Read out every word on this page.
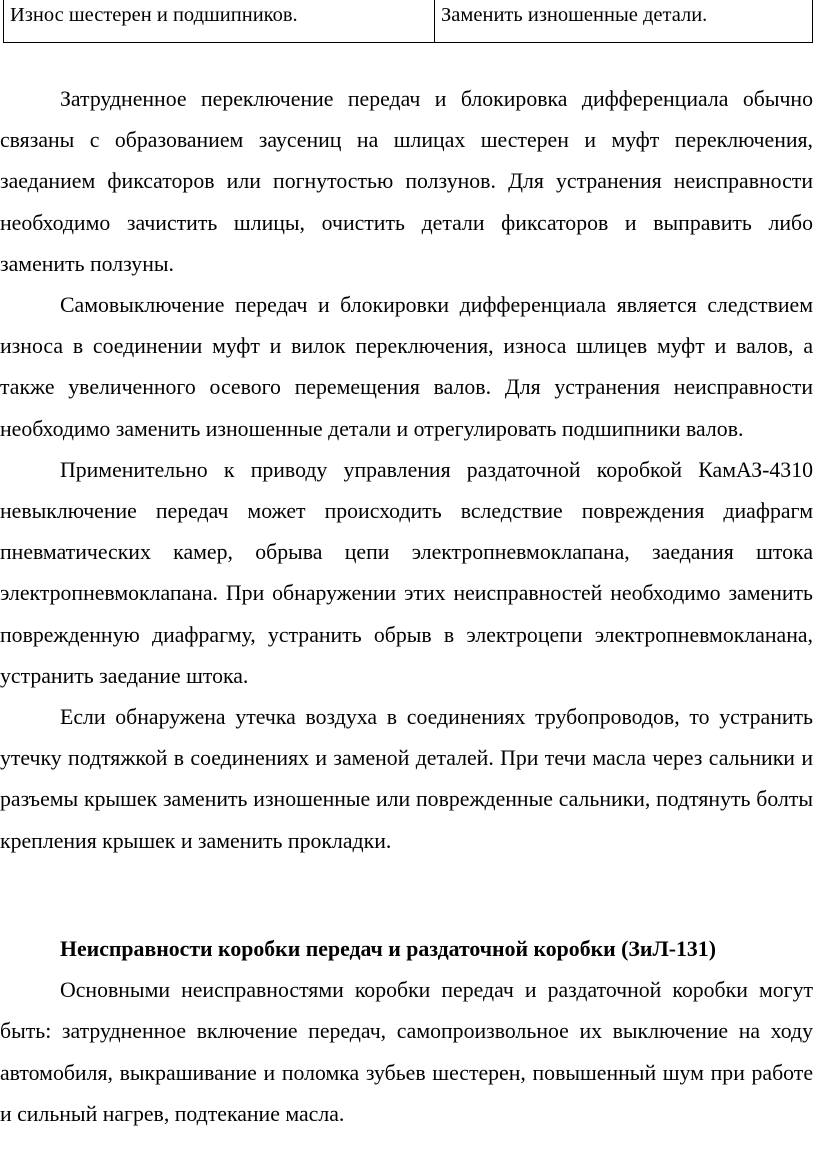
Износ шестерен и подшипников.	Заменить изношенные детали.

Затрудненное переключение передач и блокировка дифференциала обычно связаны с образованием заусениц на шлицах шестерен и муфт переключения, заеданием фиксаторов или погнутостью ползунов. Для устранения неисправности необходимо зачистить шлицы, очистить детали фиксаторов и выправить либо заменить ползуны.

Самовыключение передач и блокировки дифференциала является следствием износа в соединении муфт и вилок переключения, износа шлицев муфт и валов, а также увеличенного осевого перемещения валов. Для устранения неисправности необходимо заменить изношенные детали и отрегулировать подшипники валов.

Применительно к приводу управления раздаточной коробкой КамАЗ-4310 невыключение передач может происходить вследствие повреждения диафрагм пневматических камер, обрыва цепи электропневмоклапана, заедания штока электропневмоклапана. При обнаружении этих неисправностей необходимо заменить поврежденную диафрагму, устранить обрыв в электроцепи электропневмокланана, устранить заедание штока.

Если обнаружена утечка воздуха в соединениях трубопроводов, то устранить утечку подтяжкой в соединениях и заменой деталей. При течи масла через сальники и разъемы крышек заменить изношенные или поврежденные сальники, подтянуть болты крепления крышек и заменить прокладки.

Неисправности коробки передач и раздаточной коробки (ЗиЛ-131)

Основными неисправностями коробки передач и раздаточной коробки могут быть: затрудненное включение передач, самопроизвольное их выключение на ходу автомобиля, выкрашивание и поломка зубьев шестерен, повышенный шум при работе и сильный нагрев, подтекание масла.
